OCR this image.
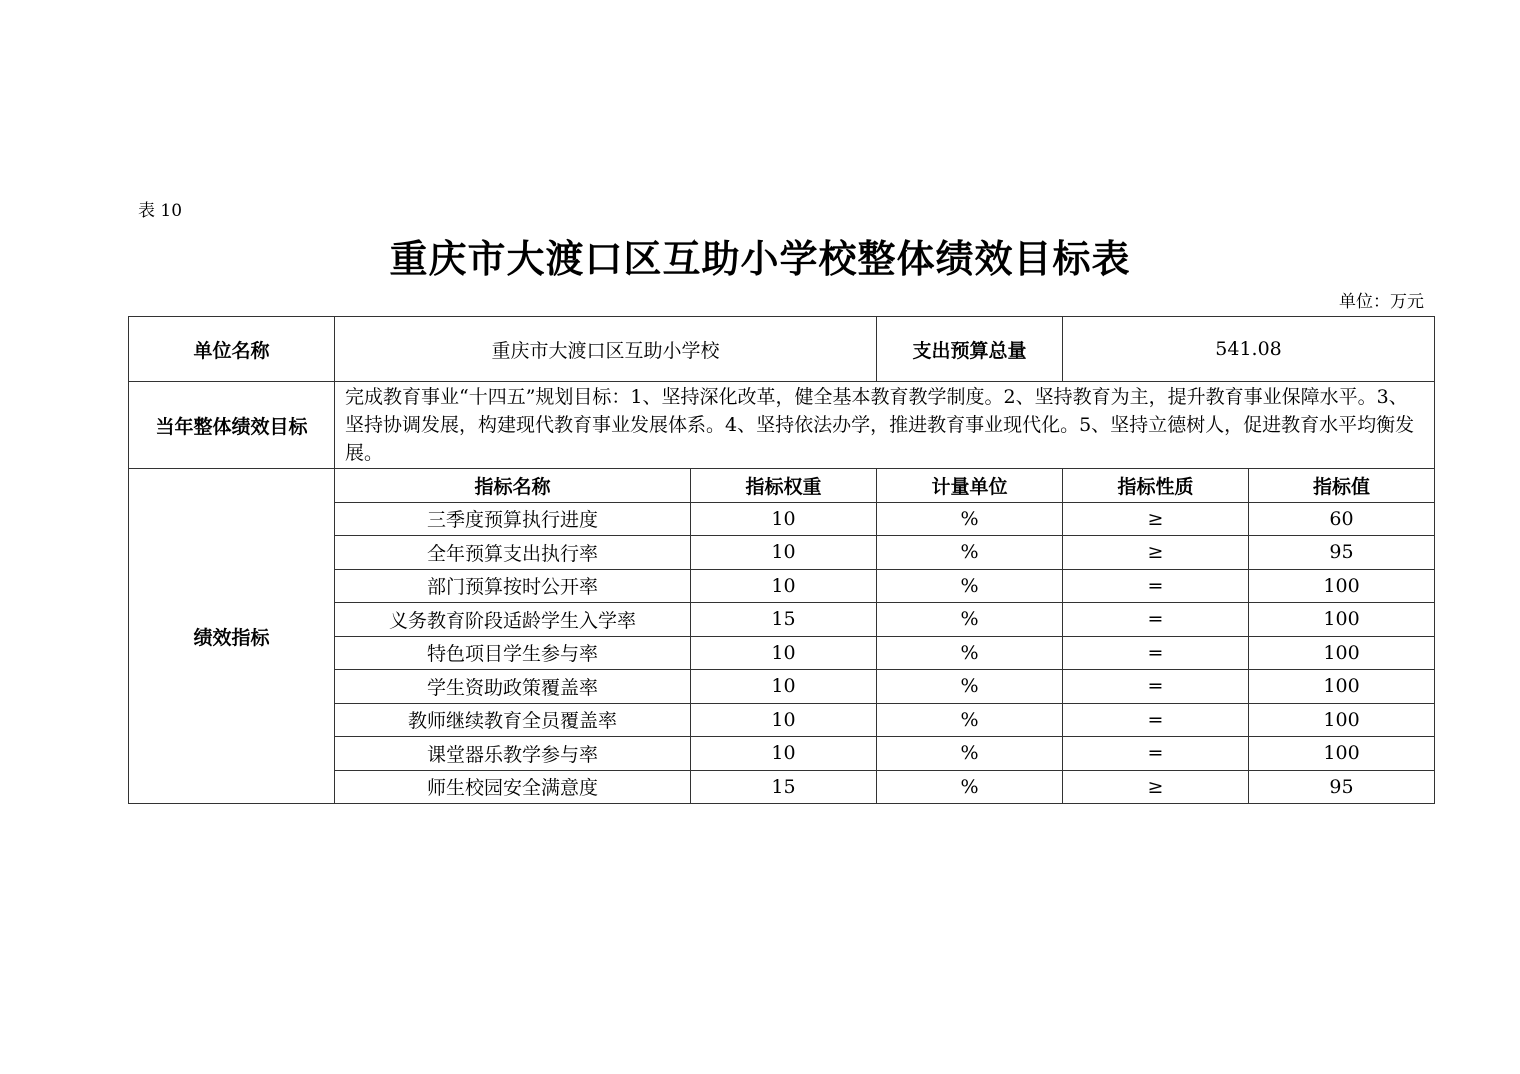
表 10
重庆市大渡口区互助小学校整体绩效目标表
单位：万元
单位名称	重庆市大渡口区互助小学校		支出预算总量	541.08	
当年整体绩效目标	完成教育事业“十四五”规划目标：1、坚持深化改革，健全基本教育教学制度。2、坚持教育为主，提升教育事业保障水平。3、坚持协调发展，构建现代教育事业发展体系。4、坚持依法办学，推进教育事业现代化。5、坚持立德树人，促进教育水平均衡发展。				
绩效指标	指标名称	指标权重	计量单位	指标性质	指标值
	三季度预算执行进度	10	%	≥	60
	全年预算支出执行率	10	%	≥	95
	部门预算按时公开率	10	%	=	100
	义务教育阶段适龄学生入学率	15	%	=	100
	特色项目学生参与率	10	%	=	100
	学生资助政策覆盖率	10	%	=	100
	教师继续教育全员覆盖率	10	%	=	100
	课堂器乐教学参与率	10	%	=	100
	师生校园安全满意度	15	%	≥	95
